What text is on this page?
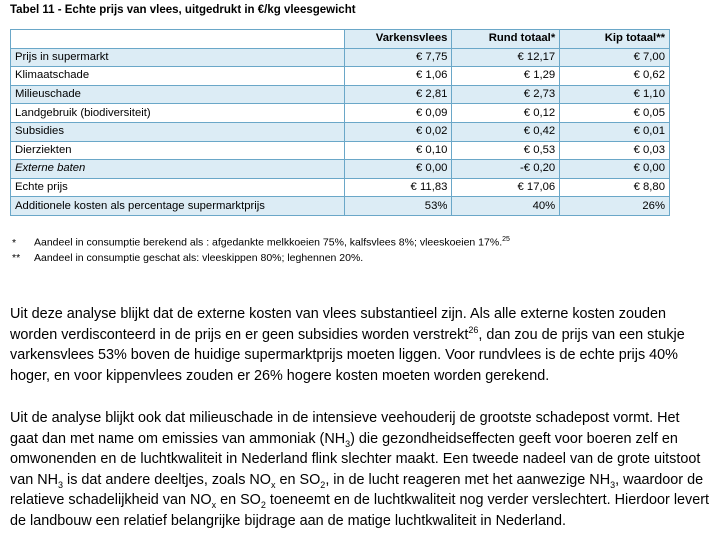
Tabel 11 - Echte prijs van vlees, uitgedrukt in €/kg vleesgewicht
	Varkensvlees	Rund totaal*	Kip totaal**
Prijs in supermarkt	€ 7,75	€ 12,17	€ 7,00
Klimaatschade	€ 1,06	€ 1,29	€ 0,62
Milieuschade	€ 2,81	€ 2,73	€ 1,10
Landgebruik (biodiversiteit)	€ 0,09	€ 0,12	€ 0,05
Subsidies	€ 0,02	€ 0,42	€ 0,01
Dierziekten	€ 0,10	€ 0,53	€ 0,03
Externe baten	€ 0,00	-€ 0,20	€ 0,00
Echte prijs	€ 11,83	€ 17,06	€ 8,80
Additionele kosten als percentage supermarktprijs	53%	40%	26%
* Aandeel in consumptie berekend als : afgedankte melkkoeien 75%, kalfsvlees 8%; vleeskoeien 17%.$^{25}$
** Aandeel in consumptie geschat als: vleeskippen 80%; leghennen 20%.

Uit deze analyse blijkt dat de externe kosten van vlees substantieel zijn. Als alle externe kosten zouden worden verdisconteerd in de prijs en er geen subsidies worden verstrekt$^{26}$, dan zou de prijs van een stukje varkensvlees 53% boven de huidige supermarktprijs moeten liggen. Voor rundvlees is de echte prijs 40% hoger, en voor kippenvlees zouden er 26% hogere kosten moeten worden gerekend.

Uit de analyse blijkt ook dat milieuschade in de intensieve veehouderij de grootste schadepost vormt. Het gaat dan met name om emissies van ammoniak $(NH_3)$ die gezondheidseffecten geeft voor boeren zelf en omwonenden en de luchtkwaliteit in Nederland flink slechter maakt. Een tweede nadeel van de grote uitstoot van $NH_3$ is dat andere deeltjes, zoals $NO_x$ en $SO_2$, in de lucht reageren met het aanwezige $NH_3$, waardoor de relatieve schadelijkheid van $NO_x$ en $SO_2$ toeneemt en de luchtkwaliteit nog verder verslechtert. Hierdoor levert de landbouw een relatief belangrijke bijdrage aan de matige luchtkwaliteit in Nederland.
